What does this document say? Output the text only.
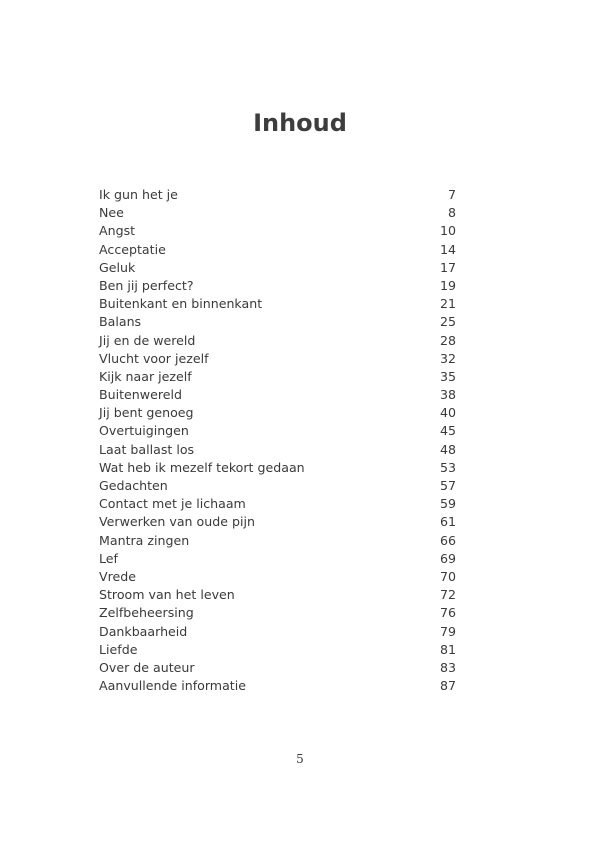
Inhoud
Ik gun het je	7
Nee	8
Angst	10
Acceptatie	14
Geluk	17
Ben jij perfect?	19
Buitenkant en binnenkant	21
Balans	25
Jij en de wereld	28
Vlucht voor jezelf	32
Kijk naar jezelf	35
Buitenwereld	38
Jij bent genoeg	40
Overtuigingen	45
Laat ballast los	48
Wat heb ik mezelf tekort gedaan	53
Gedachten	57
Contact met je lichaam	59
Verwerken van oude pijn	61
Mantra zingen	66
Lef	69
Vrede	70
Stroom van het leven	72
Zelfbeheersing	76
Dankbaarheid	79
Liefde	81
Over de auteur	83
Aanvullende informatie	87
5
